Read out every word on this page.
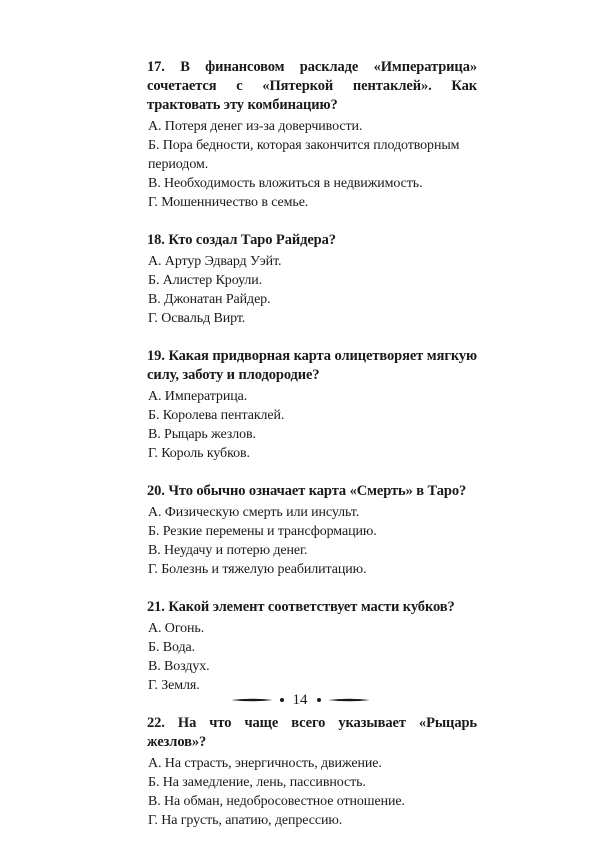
17. В финансовом раскладе «Императрица» сочетается с «Пятеркой пентаклей». Как трактовать эту комбинацию?

А. Потеря денег из-за доверчивости.

Б. Пора бедности, которая закончится плодотворным периодом.

В. Необходимость вложиться в недвижимость.

Г. Мошенничество в семье.

18. Кто создал Таро Райдера?

А. Артур Эдвард Уэйт.

Б. Алистер Кроули.

В. Джонатан Райдер.

Г. Освальд Вирт.

19. Какая придворная карта олицетворяет мягкую силу, заботу и плодородие?

А. Императрица.

Б. Королева пентаклей.

В. Рыцарь жезлов.

Г. Король кубков.

20. Что обычно означает карта «Смерть» в Таро?

А. Физическую смерть или инсульт.

Б. Резкие перемены и трансформацию.

В. Неудачу и потерю денег.

Г. Болезнь и тяжелую реабилитацию.

21. Какой элемент соответствует масти кубков?

А. Огонь.

Б. Вода.

В. Воздух.

Г. Земля.

22. На что чаще всего указывает «Рыцарь жезлов»?

А. На страсть, энергичность, движение.

Б. На замедление, лень, пассивность.

В. На обман, недобросовестное отношение.

Г. На грусть, апатию, депрессию.

14
